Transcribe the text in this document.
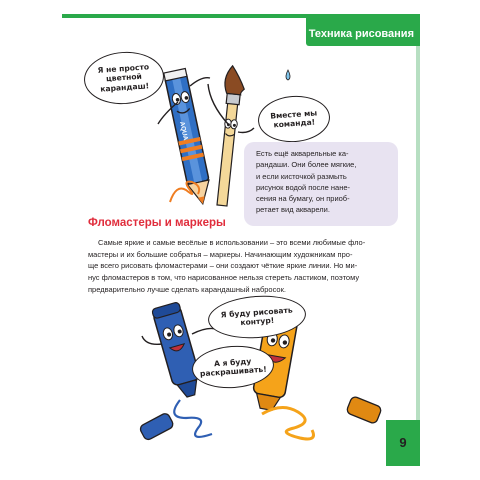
Техника рисования
AQUA
Я не просто
цветной
карандаш!
Вместе мы
команда!
Я буду рисовать
контур!
А я буду
раскрашивать!
Есть ещё акварельные ка-
рандаши. Они более мягкие,
и если кисточкой размыть
рисунок водой после нане-
сения на бумагу, он приоб-
ретает вид акварели.
Фломастеры и маркеры
Самые яркие и самые весёлые в использовании – это всеми любимые фло-
мастеры и их большие собратья – маркеры. Начинающим художникам про-
ще всего рисовать фломастерами – они создают чёткие яркие линии. Но ми-
нус фломастеров в том, что нарисованное нельзя стереть ластиком, поэтому
предварительно лучше сделать карандашный набросок.
9
